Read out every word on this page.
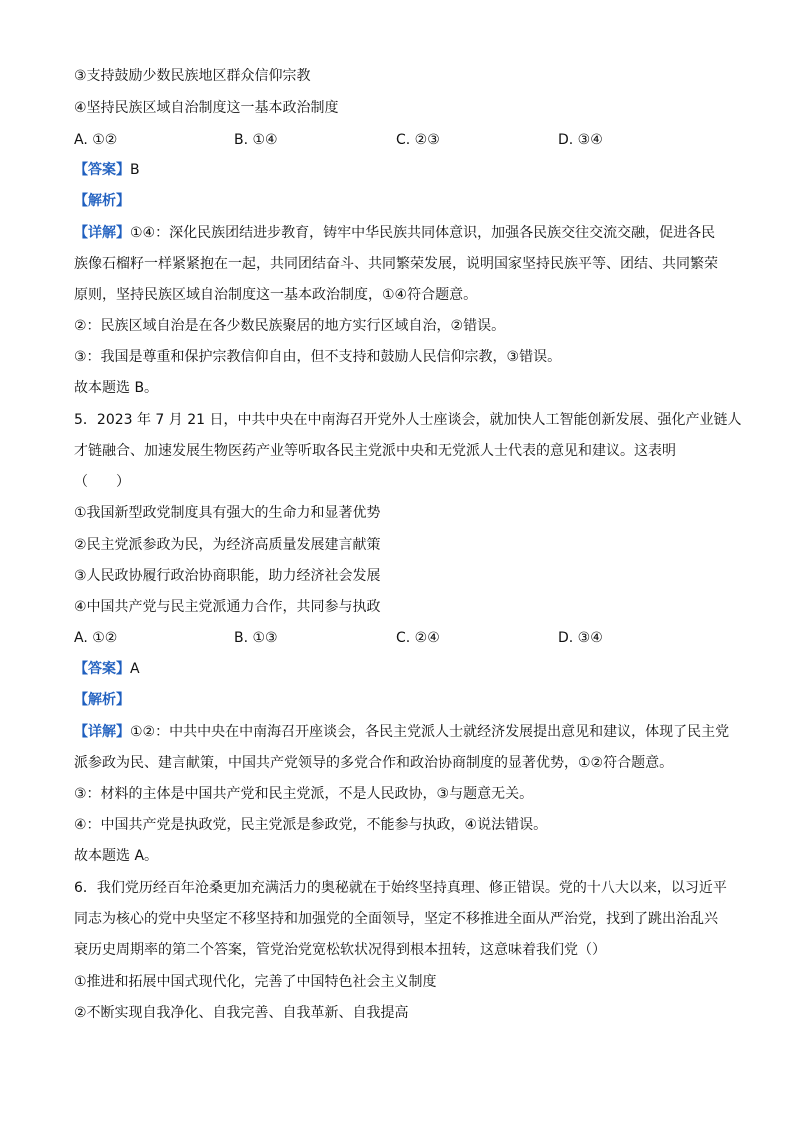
③支持鼓励少数民族地区群众信仰宗教
④坚持民族区域自治制度这一基本政治制度
A. ①②	B. ①④	C. ②③	D. ③④
【答案】B
【解析】
【详解】①④：深化民族团结进步教育，铸牢中华民族共同体意识，加强各民族交往交流交融，促进各民
族像石榴籽一样紧紧抱在一起，共同团结奋斗、共同繁荣发展，说明国家坚持民族平等、团结、共同繁荣
原则，坚持民族区域自治制度这一基本政治制度，①④符合题意。
②：民族区域自治是在各少数民族聚居的地方实行区域自治，②错误。
③：我国是尊重和保护宗教信仰自由，但不支持和鼓励人民信仰宗教，③错误。
故本题选 B。
5．2023 年 7 月 21 日，中共中央在中南海召开党外人士座谈会，就加快人工智能创新发展、强化产业链人
才链融合、加速发展生物医药产业等听取各民主党派中央和无党派人士代表的意见和建议。这表明
（　　）
①我国新型政党制度具有强大的生命力和显著优势
②民主党派参政为民，为经济高质量发展建言献策
③人民政协履行政治协商职能，助力经济社会发展
④中国共产党与民主党派通力合作，共同参与执政
A. ①②	B. ①③	C. ②④	D. ③④
【答案】A
【解析】
【详解】①②：中共中央在中南海召开座谈会，各民主党派人士就经济发展提出意见和建议，体现了民主党
派参政为民、建言献策，中国共产党领导的多党合作和政治协商制度的显著优势，①②符合题意。
③：材料的主体是中国共产党和民主党派，不是人民政协，③与题意无关。
④：中国共产党是执政党，民主党派是参政党，不能参与执政，④说法错误。
故本题选 A。
6．我们党历经百年沧桑更加充满活力的奥秘就在于始终坚持真理、修正错误。党的十八大以来，以习近平
同志为核心的党中央坚定不移坚持和加强党的全面领导，坚定不移推进全面从严治党，找到了跳出治乱兴
衰历史周期率的第二个答案，管党治党宽松软状况得到根本扭转，这意味着我们党（）
①推进和拓展中国式现代化，完善了中国特色社会主义制度
②不断实现自我净化、自我完善、自我革新、自我提高
